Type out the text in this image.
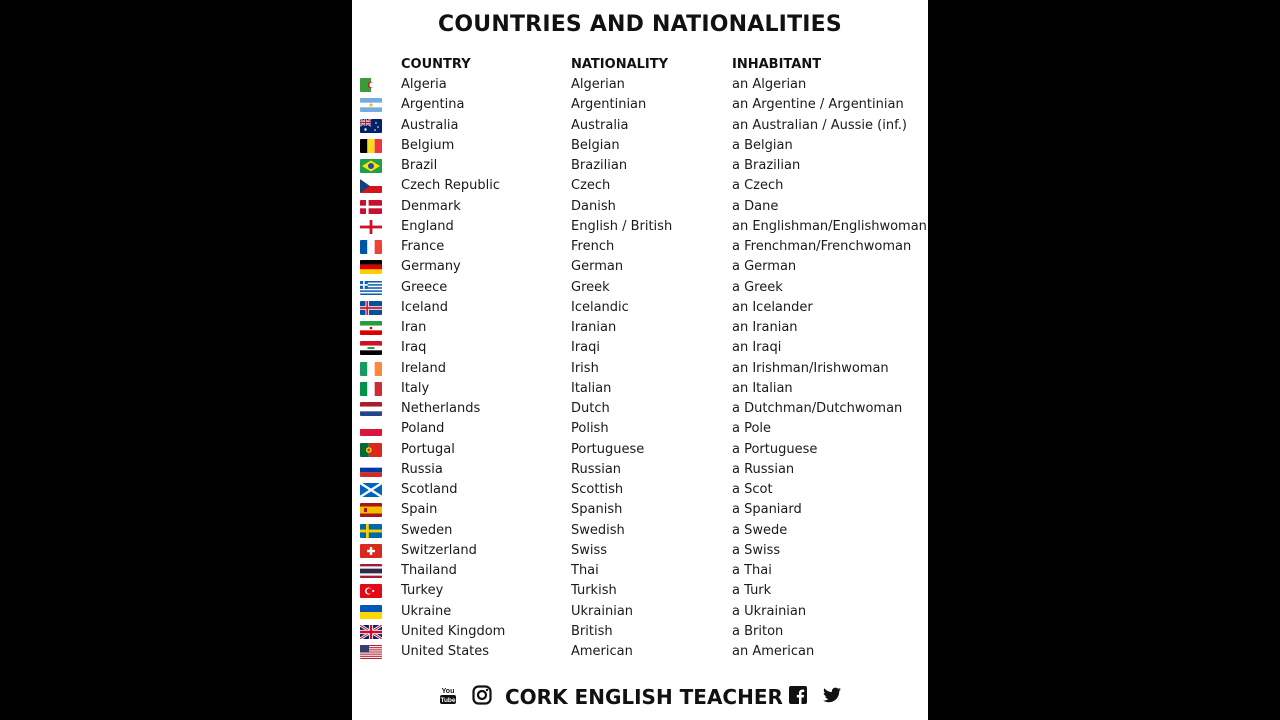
COUNTRIES AND NATIONALITIES
COUNTRY	NATIONALITY	INHABITANT
Algeria	Algerian	an Algerian
Argentina	Argentinian	an Argentine / Argentinian
Australia	Australia	an Australian / Aussie (inf.)
Belgium	Belgian	a Belgian
Brazil	Brazilian	a Brazilian
Czech Republic	Czech	a Czech
Denmark	Danish	a Dane
England	English / British	an Englishman/Englishwoman
France	French	a Frenchman/Frenchwoman
Germany	German	a German
Greece	Greek	a Greek
Iceland	Icelandic	an Icelander
Iran	Iranian	an Iranian
Iraq	Iraqi	an Iraqi
Ireland	Irish	an Irishman/Irishwoman
Italy	Italian	an Italian
Netherlands	Dutch	a Dutchman/Dutchwoman
Poland	Polish	a Pole
Portugal	Portuguese	a Portuguese
Russia	Russian	a Russian
Scotland	Scottish	a Scot
Spain	Spanish	a Spaniard
Sweden	Swedish	a Swede
Switzerland	Swiss	a Swiss
Thailand	Thai	a Thai
Turkey	Turkish	a Turk
Ukraine	Ukrainian	a Ukrainian
United Kingdom	British	a Briton
United States	American	an American
You
Tube CORK ENGLISH TEACHER
